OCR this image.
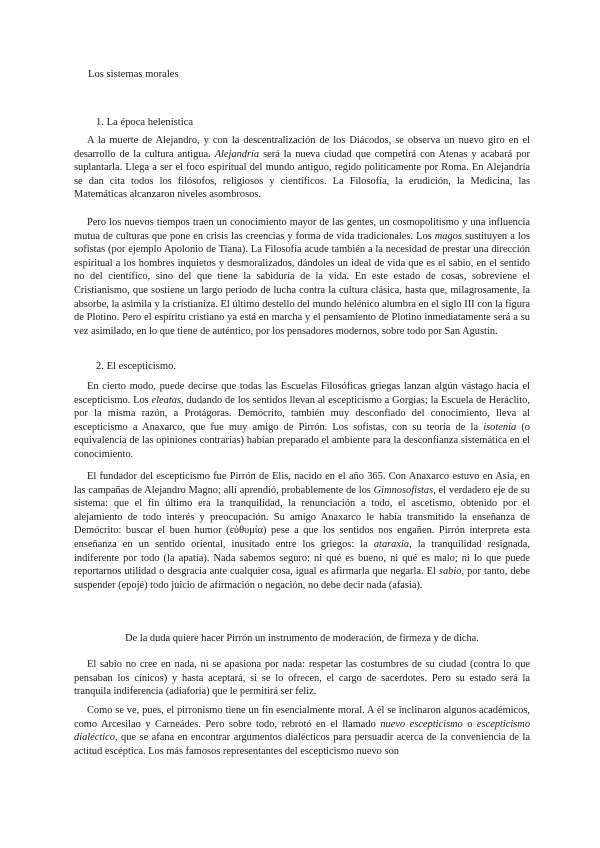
Los sistemas morales
1. La época helenística

A la muerte de Alejandro, y con la descentralización de los Diácodos, se observa un nuevo giro en el desarrollo de la cultura antigua. Alejandría será la nueva ciudad que competirá con Atenas y acabará por suplantarla. Llega a ser el foco espiritual del mundo antiguo, regido políticamente por Roma. En Alejandría se dan cita todos los filósofos, religiosos y científicos. La Filosofía, la erudición, la Medicina, las Matemáticas alcanzaron niveles asombrosos.

Pero los nuevos tiempos traen un conocimiento mayor de las gentes, un cosmopolitismo y una influencia mutua de culturas que pone en crisis las creencias y forma de vida tradicionales. Los magos sustituyen a los sofistas (por ejemplo Apolonio de Tiana). La Filosofía acude también a la necesidad de prestar una dirección espiritual a los hombres inquietos y desmoralizados, dándoles un ideal de vida que es el sabio, en el sentido no del científico, sino del que tiene la sabiduría de la vida. En este estado de cosas, sobreviene el Cristianismo, que sostiene un largo período de lucha contra la cultura clásica, hasta que, milagrosamente, la absorbe, la asimila y la cristianiza. El último destello del mundo helénico alumbra en el siglo III con la figura de Plotino. Pero el espíritu cristiano ya está en marcha y el pensamiento de Plotino inmediatamente será a su vez asimilado, en lo que tiene de auténtico, por los pensadores modernos, sobre todo por San Agustín.

2. El escepticismo.

En cierto modo, puede decirse que todas las Escuelas Filosóficas griegas lanzan algún vástago hacia el escepticismo. Los eleatas, dudando de los sentidos llevan al escepticismo a Gorgias; la Escuela de Heráclito, por la misma razón, a Protágoras. Demócrito, también muy desconfiado del conocimiento, lleva al escepticismo a Anaxarco, que fue muy amigo de Pirrón. Los sofistas, con su teoría de la isotenía (o equivalencia de las opiniones contrarias) habían preparado el ambiente para la desconfianza sistemática en el conocimiento.

El fundador del escepticismo fue Pirrón de Elis, nacido en el año 365. Con Anaxarco estuvo en Asia, en las campañas de Alejandro Magno; allí aprendió, probablemente de los Gimnosofistas, el verdadero eje de su sistema: que el fin último era la tranquilidad, la renunciación a todo, el ascetismo, obtenido por el alejamiento de todo interés y preocupación. Su amigo Anaxarco le había transmitido la enseñanza de Demócrito: buscar el buen humor (εὐθυμία) pese a que los sentidos nos engañen. Pirrón interpreta esta enseñanza en un sentido oriental, inusitado entre los griegos: la ataraxia, la tranquilidad resignada, indiferente por todo (la apatía). Nada sabemos seguro: ni qué es bueno, ni qué es malo; ni lo que puede reportarnos utilidad o desgracia ante cualquier cosa, igual es afirmarla que negarla. El sabio, por tanto, debe suspender (epojé) todo juicio de afirmación o negación, no debe decir nada (afasia).

De la duda quiere hacer Pirrón un instrumento de moderación, de firmeza y de dicha.

El sabio no cree en nada, ni se apasiona por nada: respetar las costumbres de su ciudad (contra lo que pensaban los cínicos) y hasta aceptará, si se lo ofrecen, el cargo de sacerdotes. Pero su estado será la tranquila indiferencia (adiaforia) que le permitirá ser feliz.

Como se ve, pues, el pirronismo tiene un fin esencialmente moral. A él se inclinaron algunos académicos, como Arcesilao y Carneádes. Pero sobre todo, rebrotó en el llamado nuevo escepticismo o escepticismo dialéctico, que se afana en encontrar argumentos dialécticos para persuadir acerca de la conveniencia de la actitud escéptica. Los más famosos representantes del escepticismo nuevo son
